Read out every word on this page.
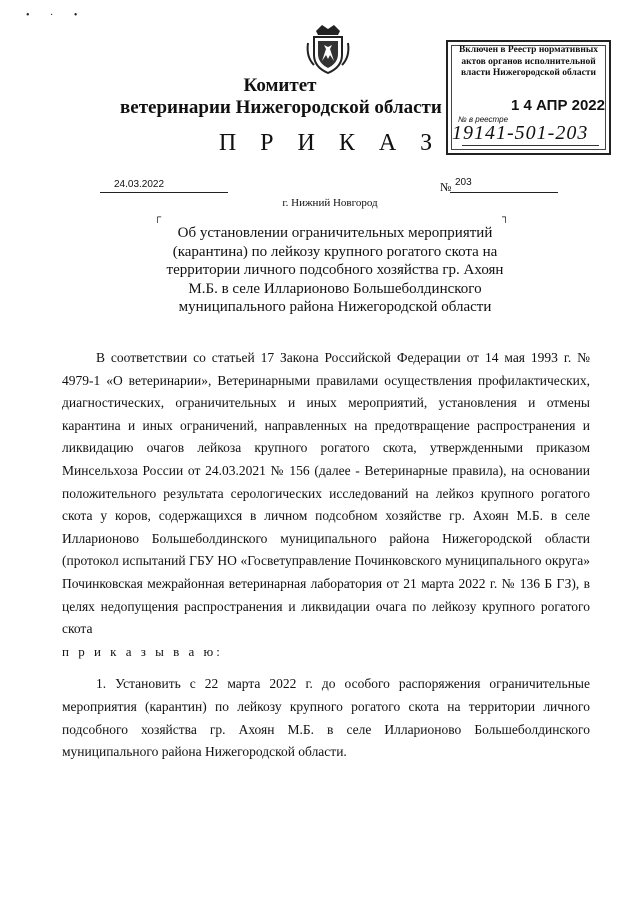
• · •
Комитет
ветеринарии Нижегородской области
Включен в Реестр нормативных актов органов исполнительной власти Нижегородской области
1 4 АПР 2022
№ в реестре
19141-501-203
П Р И К А З
24.03.2022	№ 203
г. Нижний Новгород
┌	┐
Об установлении ограничительных мероприятий (карантина) по лейкозу крупного рогатого скота на территории личного подсобного хозяйства гр. Ахоян М.Б. в селе Илларионово Большеболдинского муниципального района Нижегородской области

В соответствии со статьей 17 Закона Российской Федерации от 14 мая 1993 г. № 4979-1 «О ветеринарии», Ветеринарными правилами осуществления профилактических, диагностических, ограничительных и иных мероприятий, установления и отмены карантина и иных ограничений, направленных на предотвращение распространения и ликвидацию очагов лейкоза крупного рогатого скота, утвержденными приказом Минсельхоза России от 24.03.2021 № 156 (далее - Ветеринарные правила), на основании положительного результата серологических исследований на лейкоз крупного рогатого скота у коров, содержащихся в личном подсобном хозяйстве гр. Ахоян М.Б. в селе Илларионово Большеболдинского муниципального района Нижегородской области (протокол испытаний ГБУ НО «Госветуправление Починковского муниципального округа» Починковская межрайонная ветеринарная лаборатория от 21 марта 2022 г. № 136 Б ГЗ), в целях недопущения распространения и ликвидации очага по лейкозу крупного рогатого скота

п р и к а з ы в а ю:

1. Установить с 22 марта 2022 г. до особого распоряжения ограничительные мероприятия (карантин) по лейкозу крупного рогатого скота на территории личного подсобного хозяйства гр. Ахоян М.Б. в селе Илларионово Большеболдинского муниципального района Нижегородской области.
